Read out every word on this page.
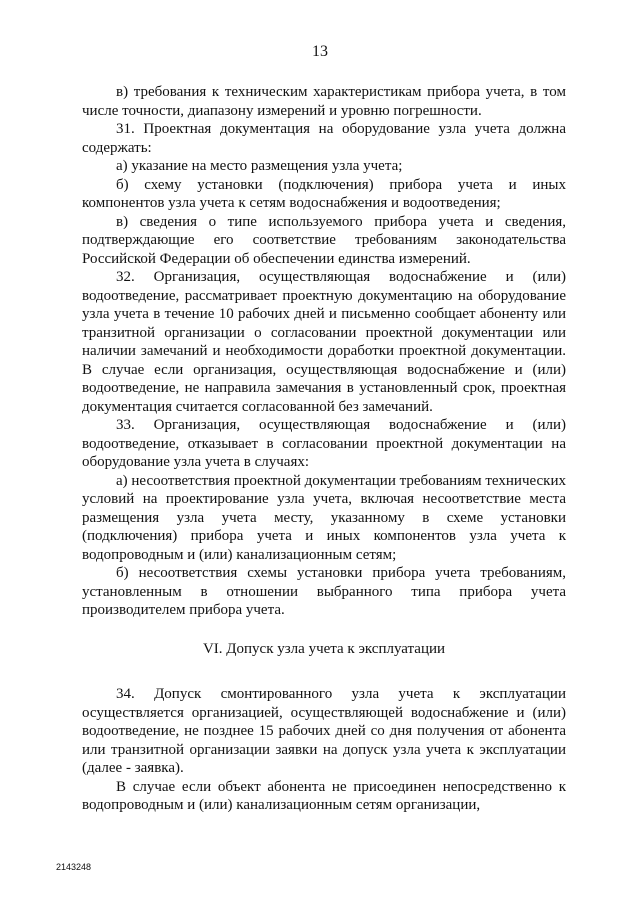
13

в) требования к техническим характеристикам прибора учета, в том числе точности, диапазону измерений и уровню погрешности.

31. Проектная документация на оборудование узла учета должна содержать:

а) указание на место размещения узла учета;

б) схему установки (подключения) прибора учета и иных компонентов узла учета к сетям водоснабжения и водоотведения;

в) сведения о типе используемого прибора учета и сведения, подтверждающие его соответствие требованиям законодательства Российской Федерации об обеспечении единства измерений.

32. Организация, осуществляющая водоснабжение и (или) водоотведение, рассматривает проектную документацию на оборудование узла учета в течение 10 рабочих дней и письменно сообщает абоненту или транзитной организации о согласовании проектной документации или наличии замечаний и необходимости доработки проектной документации. В случае если организация, осуществляющая водоснабжение и (или) водоотведение, не направила замечания в установленный срок, проектная документация считается согласованной без замечаний.

33. Организация, осуществляющая водоснабжение и (или) водоотведение, отказывает в согласовании проектной документации на оборудование узла учета в случаях:

а) несоответствия проектной документации требованиям технических условий на проектирование узла учета, включая несоответствие места размещения узла учета месту, указанному в схеме установки (подключения) прибора учета и иных компонентов узла учета к водопроводным и (или) канализационным сетям;

б) несоответствия схемы установки прибора учета требованиям, установленным в отношении выбранного типа прибора учета производителем прибора учета.

VI. Допуск узла учета к эксплуатации

34. Допуск смонтированного узла учета к эксплуатации осуществляется организацией, осуществляющей водоснабжение и (или) водоотведение, не позднее 15 рабочих дней со дня получения от абонента или транзитной организации заявки на допуск узла учета к эксплуатации (далее - заявка).

В случае если объект абонента не присоединен непосредственно к водопроводным и (или) канализационным сетям организации,

2143248
